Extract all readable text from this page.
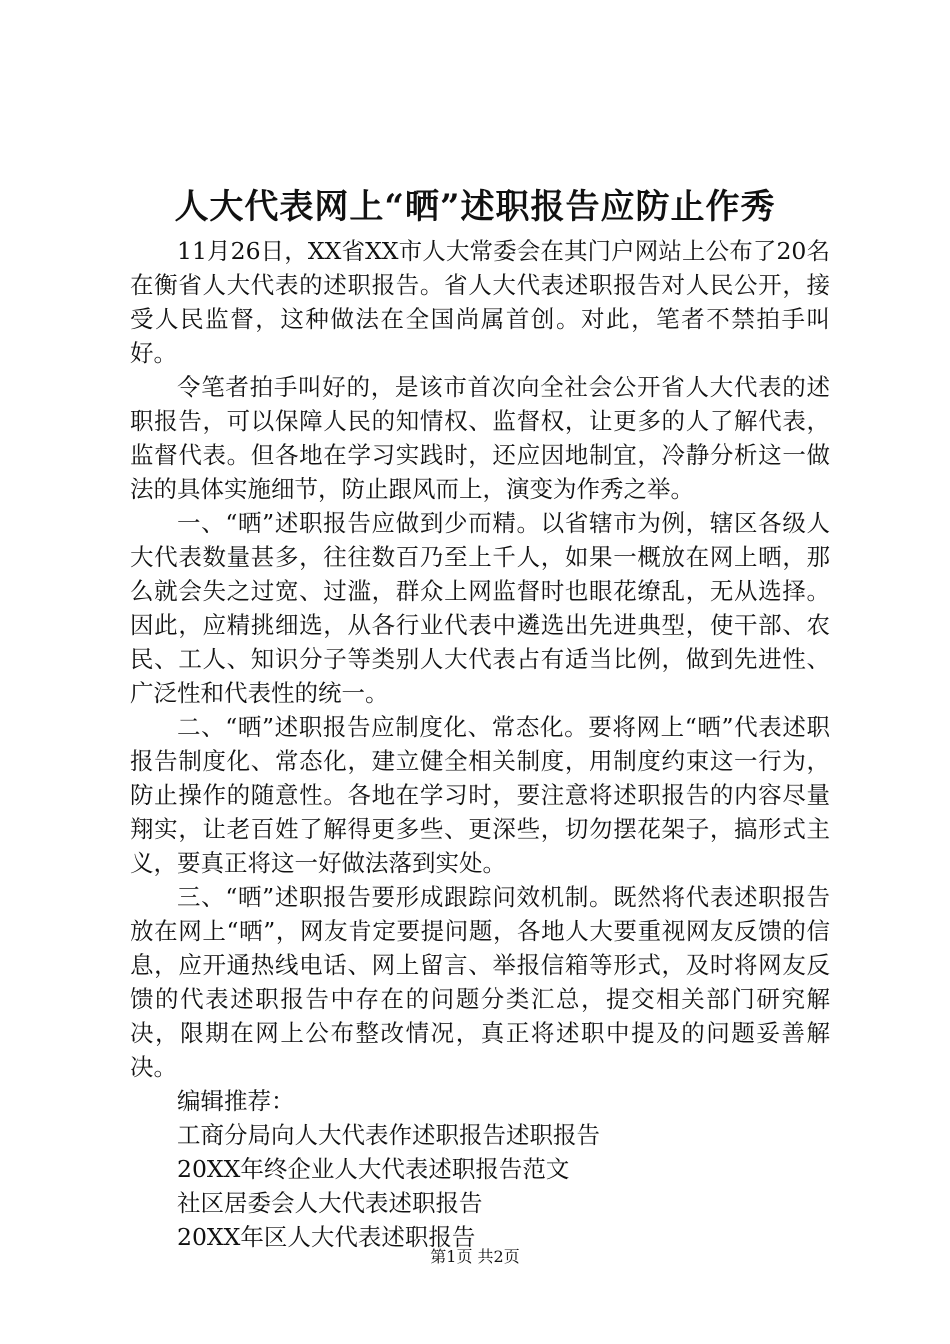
人大代表网上“晒”述职报告应防止作秀

11月26日，XX省XX市人大常委会在其门户网站上公布了20名在衡省人大代表的述职报告。省人大代表述职报告对人民公开，接受人民监督，这种做法在全国尚属首创。对此，笔者不禁拍手叫好。

令笔者拍手叫好的，是该市首次向全社会公开省人大代表的述职报告，可以保障人民的知情权、监督权，让更多的人了解代表，监督代表。但各地在学习实践时，还应因地制宜，冷静分析这一做法的具体实施细节，防止跟风而上，演变为作秀之举。

一、“晒”述职报告应做到少而精。以省辖市为例，辖区各级人大代表数量甚多，往往数百乃至上千人，如果一概放在网上晒，那么就会失之过宽、过滥，群众上网监督时也眼花缭乱，无从选择。因此，应精挑细选，从各行业代表中遴选出先进典型，使干部、农民、工人、知识分子等类别人大代表占有适当比例，做到先进性、广泛性和代表性的统一。

二、“晒”述职报告应制度化、常态化。要将网上“晒”代表述职报告制度化、常态化，建立健全相关制度，用制度约束这一行为，防止操作的随意性。各地在学习时，要注意将述职报告的内容尽量翔实，让老百姓了解得更多些、更深些，切勿摆花架子，搞形式主义，要真正将这一好做法落到实处。

三、“晒”述职报告要形成跟踪问效机制。既然将代表述职报告放在网上“晒”，网友肯定要提问题，各地人大要重视网友反馈的信息，应开通热线电话、网上留言、举报信箱等形式，及时将网友反馈的代表述职报告中存在的问题分类汇总，提交相关部门研究解决，限期在网上公布整改情况，真正将述职中提及的问题妥善解决。

编辑推荐：
工商分局向人大代表作述职报告述职报告
20XX年终企业人大代表述职报告范文
社区居委会人大代表述职报告
20XX年区人大代表述职报告
第1页 共2页
